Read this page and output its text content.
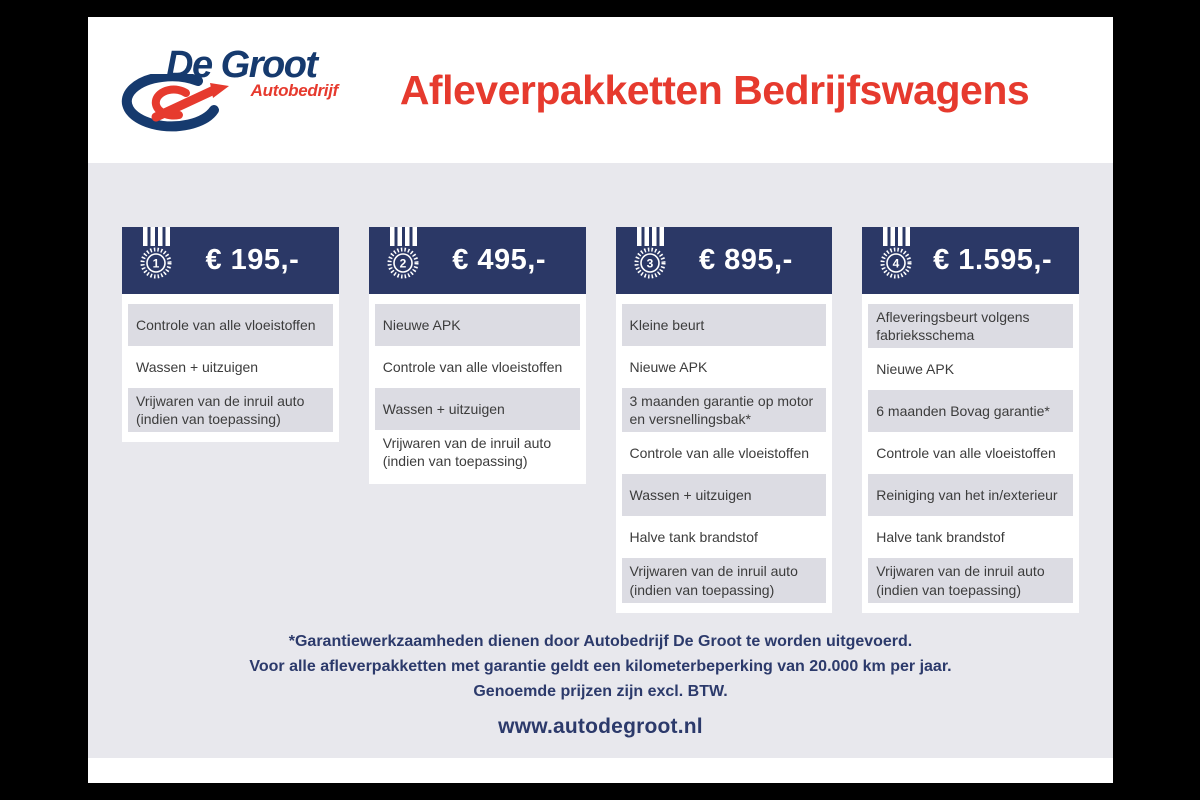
De Groot
Autobedrijf	Afleverpakketten Bedrijfswagens
1	€ 195,-
Controle van alle vloeistoffen
Wassen + uitzuigen
Vrijwaren van de inruil auto (indien van toepassing)
2	€ 495,-
Nieuwe APK
Controle van alle vloeistoffen
Wassen + uitzuigen
Vrijwaren van de inruil auto (indien van toepassing)
3	€ 895,-
Kleine beurt
Nieuwe APK
3 maanden garantie op motor en versnellingsbak*
Controle van alle vloeistoffen
Wassen + uitzuigen
Halve tank brandstof
Vrijwaren van de inruil auto (indien van toepassing)
4	€ 1.595,-
Afleveringsbeurt volgens fabrieksschema
Nieuwe APK
6 maanden Bovag garantie*
Controle van alle vloeistoffen
Reiniging van het in/exterieur
Halve tank brandstof
Vrijwaren van de inruil auto (indien van toepassing)

*Garantiewerkzaamheden dienen door Autobedrijf De Groot te worden uitgevoerd.

Voor alle afleverpakketten met garantie geldt een kilometerbeperking van 20.000 km per jaar.

Genoemde prijzen zijn excl. BTW.

www.autodegroot.nl
